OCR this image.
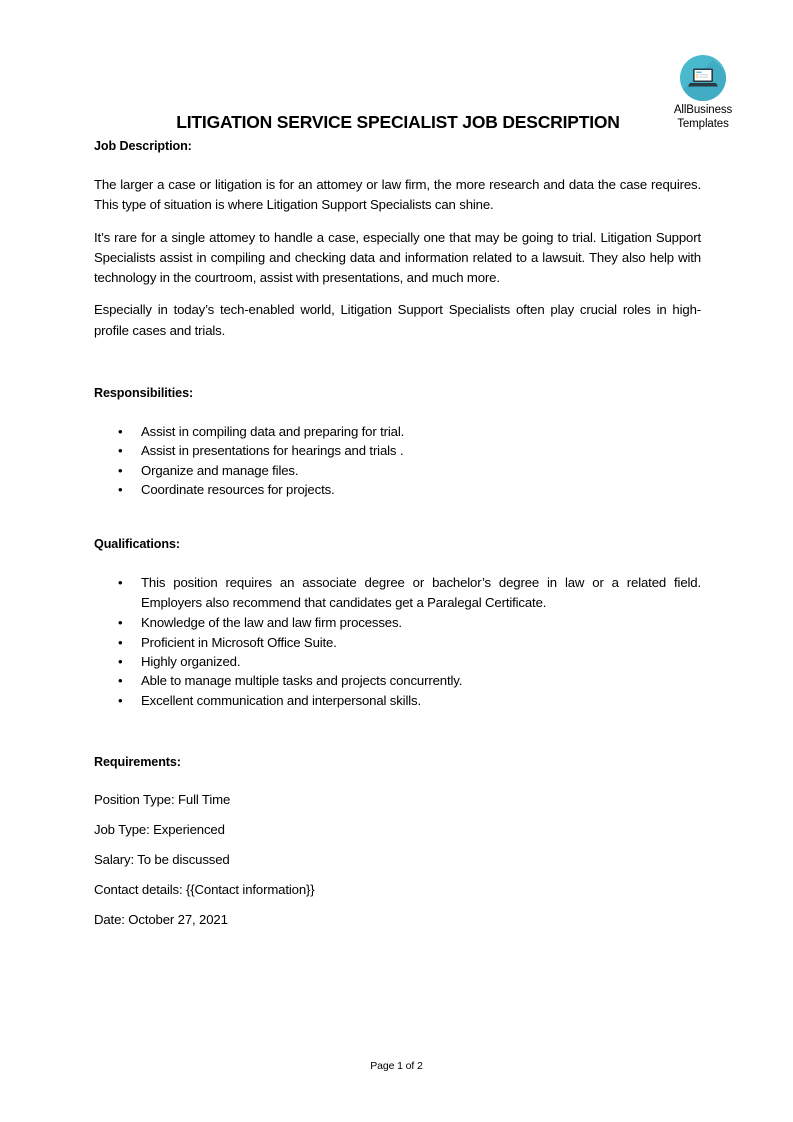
AllBusiness
Templates
LITIGATION SERVICE SPECIALIST JOB DESCRIPTION
Job Description:

The larger a case or litigation is for an attomey or law firm, the more research and data the case requires. This type of situation is where Litigation Support Specialists can shine.

It’s rare for a single attomey to handle a case, especially one that may be going to trial. Litigation Support Specialists assist in compiling and checking data and information related to a lawsuit. They also help with technology in the courtroom, assist with presentations, and much more.

Especially in today’s tech-enabled world, Litigation Support Specialists often play crucial roles in high-profile cases and trials.

Responsibilities:
• Assist in compiling data and preparing for trial.
• Assist in presentations for hearings and trials .
• Organize and manage files.
• Coordinate resources for projects.
Qualifications:
• This position requires an associate degree or bachelor’s degree in law or a related field. Employers also recommend that candidates get a Paralegal Certificate.
• Knowledge of the law and law firm processes.
• Proficient in Microsoft Office Suite.
• Highly organized.
• Able to manage multiple tasks and projects concurrently.
• Excellent communication and interpersonal skills.
Requirements:

Position Type: Full Time

Job Type: Experienced

Salary: To be discussed

Contact details: {{Contact information}}

Date: October 27, 2021

Page 1 of 2
